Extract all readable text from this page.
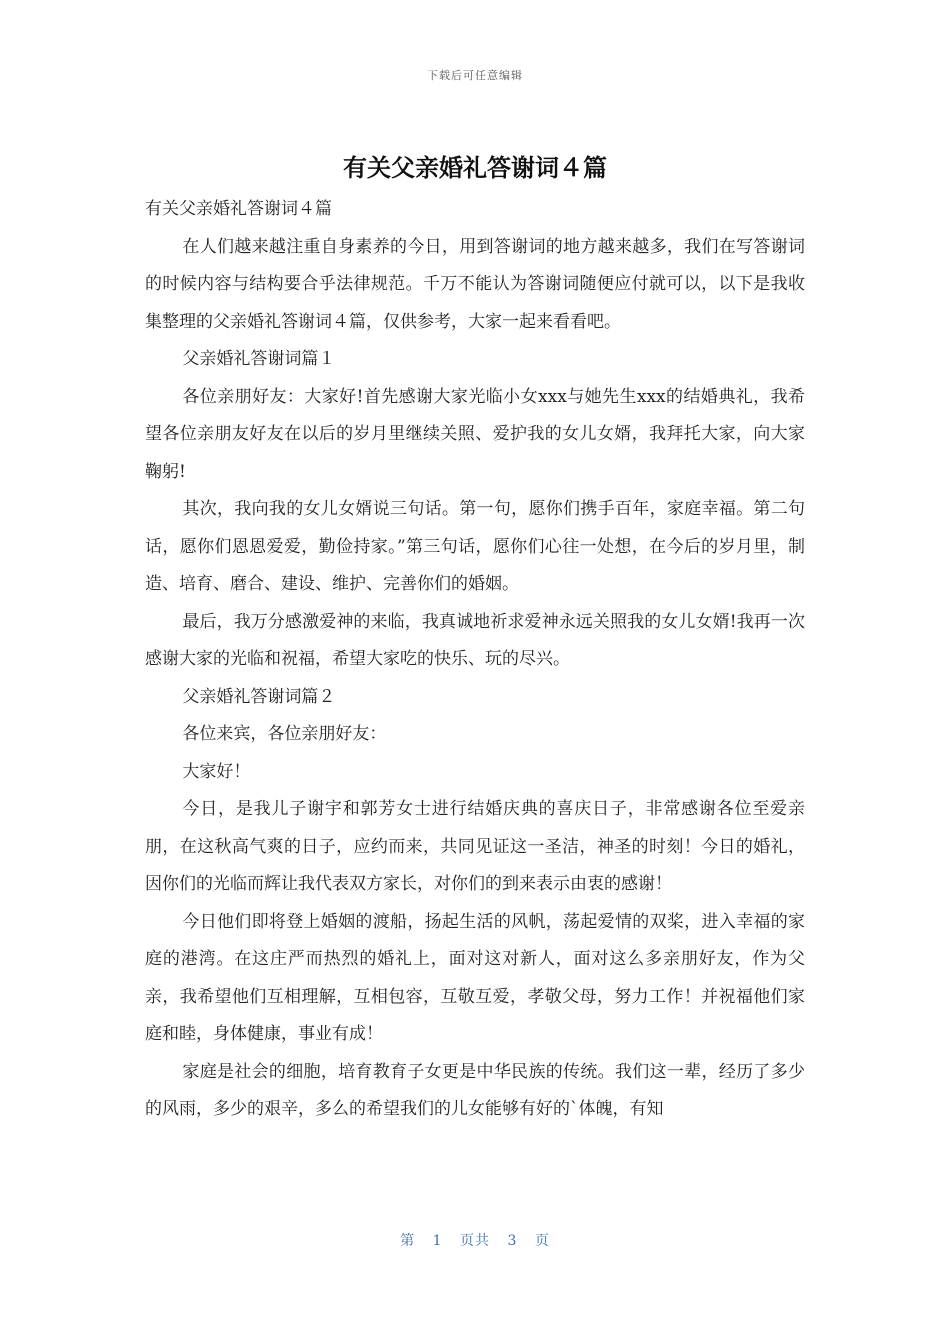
下载后可任意编辑
有关父亲婚礼答谢词４篇

有关父亲婚礼答谢词４篇

在人们越来越注重自身素养的今日，用到答谢词的地方越来越多，我们在写答谢词的时候内容与结构要合乎法律规范。千万不能认为答谢词随便应付就可以，以下是我收集整理的父亲婚礼答谢词４篇，仅供参考，大家一起来看看吧。

父亲婚礼答谢词篇１

各位亲朋好友：大家好!首先感谢大家光临小女xxx与她先生xxx的结婚典礼，我希望各位亲朋友好友在以后的岁月里继续关照、爱护我的女儿女婿，我拜托大家，向大家鞠躬!

其次，我向我的女儿女婿说三句话。第一句，愿你们携手百年，家庭幸福。第二句话，愿你们恩恩爱爱，勤俭持家。”第三句话，愿你们心往一处想，在今后的岁月里，制造、培育、磨合、建设、维护、完善你们的婚姻。

最后，我万分感激爱神的来临，我真诚地祈求爱神永远关照我的女儿女婿!我再一次感谢大家的光临和祝福，希望大家吃的快乐、玩的尽兴。

父亲婚礼答谢词篇２

各位来宾，各位亲朋好友：

大家好！

今日，是我儿子谢宇和郭芳女士进行结婚庆典的喜庆日子，非常感谢各位至爱亲朋，在这秋高气爽的日子，应约而来，共同见证这一圣洁，神圣的时刻！今日的婚礼，因你们的光临而辉让我代表双方家长，对你们的到来表示由衷的感谢！

今日他们即将登上婚姻的渡船，扬起生活的风帆，荡起爱情的双桨，进入幸福的家庭的港湾。在这庄严而热烈的婚礼上，面对这对新人，面对这么多亲朋好友，作为父亲，我希望他们互相理解，互相包容，互敬互爱，孝敬父母，努力工作！并祝福他们家庭和睦，身体健康，事业有成！

家庭是社会的细胞，培育教育子女更是中华民族的传统。我们这一辈，经历了多少的风雨，多少的艰辛，多么的希望我们的儿女能够有好的`体魄，有知

第 1 页共 3 页
